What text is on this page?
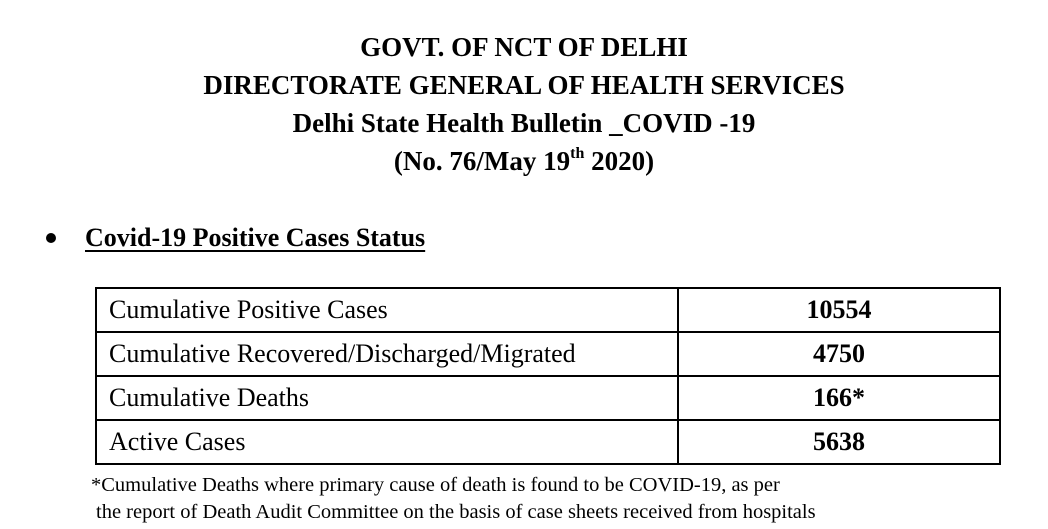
GOVT. OF NCT OF DELHI
DIRECTORATE GENERAL OF HEALTH SERVICES
Delhi State Health Bulletin _COVID -19
(No. 76/May 19th 2020)
Covid-19 Positive Cases Status
Cumulative Positive Cases	10554
Cumulative Recovered/Discharged/Migrated	4750
Cumulative Deaths	166*
Active Cases	5638
*Cumulative Deaths where primary cause of death is found to be COVID-19, as per
the report of Death Audit Committee on the basis of case sheets received from hospitals
